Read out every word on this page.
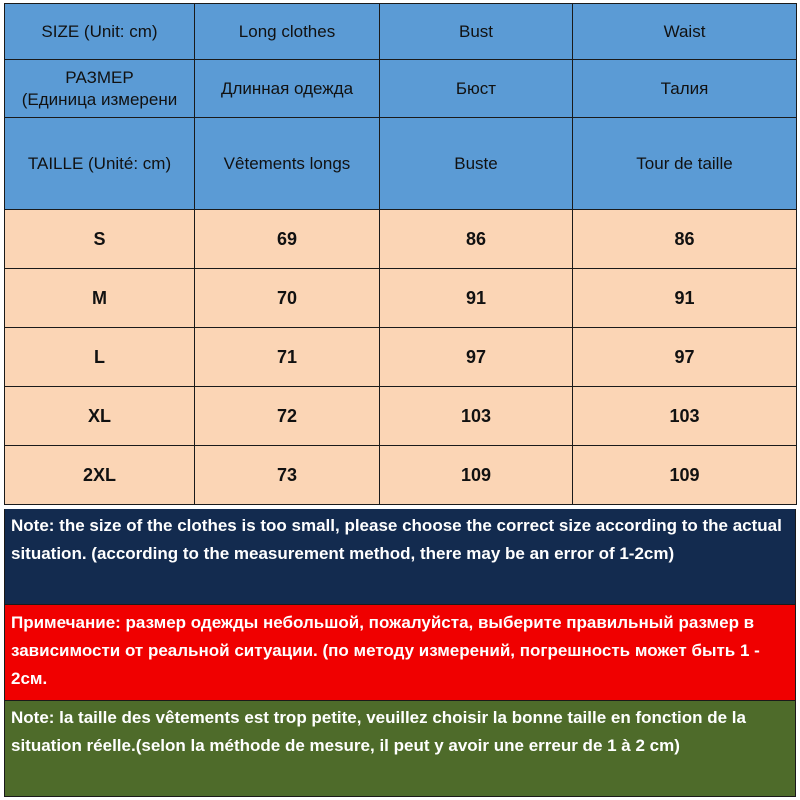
SIZE (Unit: cm)	Long clothes	Bust	Waist

РАЗМЕР
(Единица измерени	Длинная одежда	Бюст	Талия
TAILLE (Unité: cm)	Vêtements longs	Buste	Tour de taille
S	69	86	86
M	70	91	91
L	71	97	97
XL	72	103	103
2XL	73	109	109
Note: the size of the clothes is too small, please choose the correct size according to the actual situation. (according to the measurement method, there may be an error of 1-2cm)
Примечание: размер одежды небольшой, пожалуйста, выберите правильный размер в зависимости от реальной ситуации. (по методу измерений, погрешность может быть 1 - 2см.
Note: la taille des vêtements est trop petite, veuillez choisir la bonne taille en fonction de la situation réelle.(selon la méthode de mesure, il peut y avoir une erreur de 1 à 2 cm)
